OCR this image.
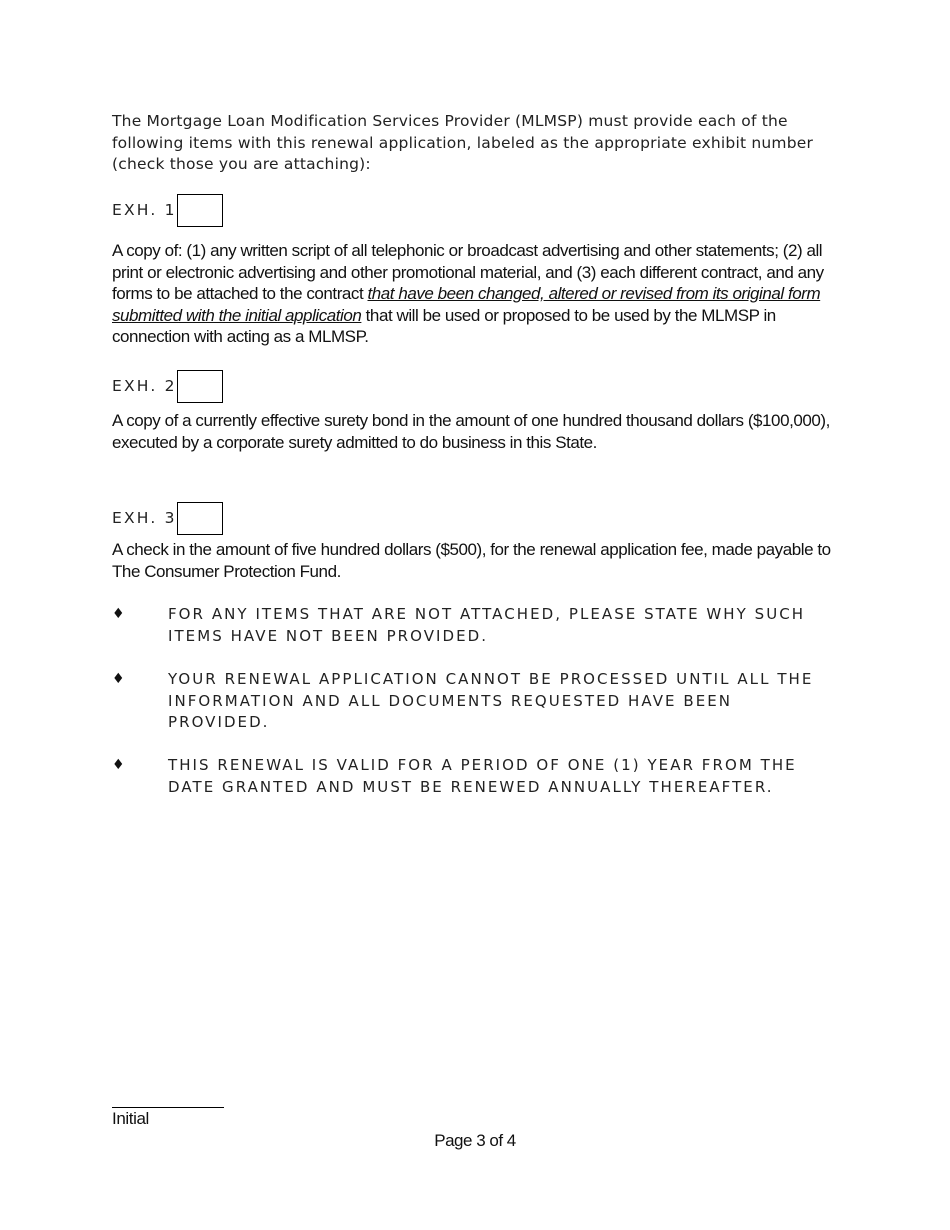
The Mortgage Loan Modification Services Provider (MLMSP) must provide each of the following items with this renewal application, labeled as the appropriate exhibit number (check those you are attaching):
EXH. 1
A copy of: (1) any written script of all telephonic or broadcast advertising and other statements; (2) all print or electronic advertising and other promotional material, and (3) each different contract, and any forms to be attached to the contract that have been changed, altered or revised from its original form submitted with the initial application that will be used or proposed to be used by the MLMSP in connection with acting as a MLMSP.
EXH. 2
A copy of a currently effective surety bond in the amount of one hundred thousand dollars ($100,000), executed by a corporate surety admitted to do business in this State.
EXH. 3
A check in the amount of five hundred dollars ($500), for the renewal application fee, made payable to The Consumer Protection Fund.
♦	FOR ANY ITEMS THAT ARE NOT ATTACHED, PLEASE STATE WHY SUCH ITEMS HAVE NOT BEEN PROVIDED.
♦	YOUR RENEWAL APPLICATION CANNOT BE PROCESSED UNTIL ALL THE INFORMATION AND ALL DOCUMENTS REQUESTED HAVE BEEN PROVIDED.
♦	THIS RENEWAL IS VALID FOR A PERIOD OF ONE (1) YEAR FROM THE DATE GRANTED AND MUST BE RENEWED ANNUALLY THEREAFTER.
Initial
Page 3 of 4
